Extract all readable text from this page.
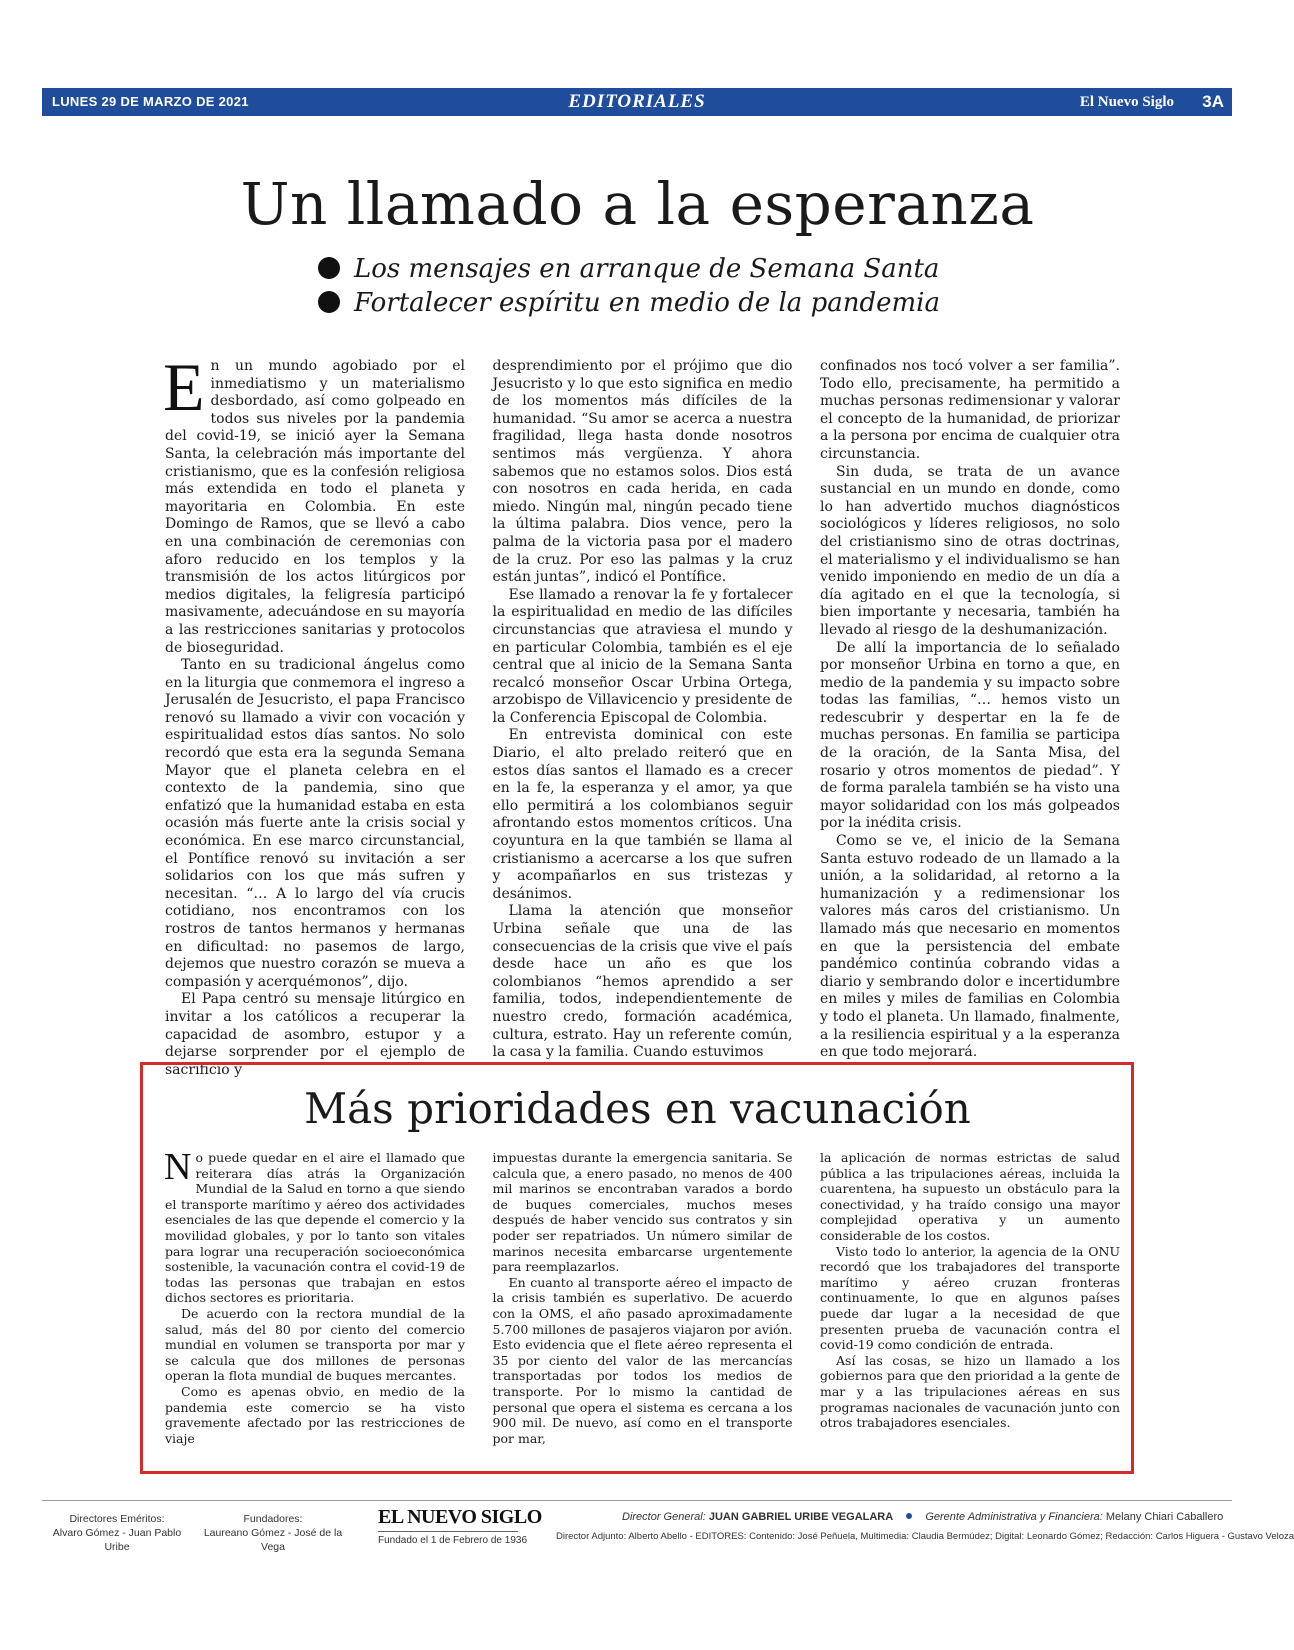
LUNES 29 DE MARZO DE 2021	EDITORIALES	El Nuevo Siglo 3A
Un llamado a la esperanza
Los mensajes en arranque de Semana Santa
Fortalecer espíritu en medio de la pandemia

En un mundo agobiado por el inmediatismo y un materialismo desbordado, así como golpeado en todos sus niveles por la pandemia del covid-19, se inició ayer la Semana Santa, la celebración más importante del cristianismo, que es la confesión religiosa más extendida en todo el planeta y mayoritaria en Colombia. En este Domingo de Ramos, que se llevó a cabo en una combinación de ceremonias con aforo reducido en los templos y la transmisión de los actos litúrgicos por medios digitales, la feligresía participó masivamente, adecuándose en su mayoría a las restricciones sanitarias y protocolos de bioseguridad.

Tanto en su tradicional ángelus como en la liturgia que conmemora el ingreso a Jerusalén de Jesucristo, el papa Francisco renovó su llamado a vivir con vocación y espiritualidad estos días santos. No solo recordó que esta era la segunda Semana Mayor que el planeta celebra en el contexto de la pandemia, sino que enfatizó que la humanidad estaba en esta ocasión más fuerte ante la crisis social y económica. En ese marco circunstancial, el Pontífice renovó su invitación a ser solidarios con los que más sufren y necesitan. “… A lo largo del vía crucis cotidiano, nos encontramos con los rostros de tantos hermanos y hermanas en dificultad: no pasemos de largo, dejemos que nuestro corazón se mueva a compasión y acerquémonos”, dijo.

El Papa centró su mensaje litúrgico en invitar a los católicos a recuperar la capacidad de asombro, estupor y a dejarse sorprender por el ejemplo de sacrificio y

desprendimiento por el prójimo que dio Jesucristo y lo que esto significa en medio de los momentos más difíciles de la humanidad. “Su amor se acerca a nuestra fragilidad, llega hasta donde nosotros sentimos más vergüenza. Y ahora sabemos que no estamos solos. Dios está con nosotros en cada herida, en cada miedo. Ningún mal, ningún pecado tiene la última palabra. Dios vence, pero la palma de la victoria pasa por el madero de la cruz. Por eso las palmas y la cruz están juntas”, indicó el Pontífice.

Ese llamado a renovar la fe y fortalecer la espiritualidad en medio de las difíciles circunstancias que atraviesa el mundo y en particular Colombia, también es el eje central que al inicio de la Semana Santa recalcó monseñor Oscar Urbina Ortega, arzobispo de Villavicencio y presidente de la Conferencia Episcopal de Colombia.

En entrevista dominical con este Diario, el alto prelado reiteró que en estos días santos el llamado es a crecer en la fe, la esperanza y el amor, ya que ello permitirá a los colombianos seguir afrontando estos momentos críticos. Una coyuntura en la que también se llama al cristianismo a acercarse a los que sufren y acompañarlos en sus tristezas y desánimos.

Llama la atención que monseñor Urbina señale que una de las consecuencias de la crisis que vive el país desde hace un año es que los colombianos “hemos aprendido a ser familia, todos, independientemente de nuestro credo, formación académica, cultura, estrato. Hay un referente común, la casa y la familia. Cuando estuvimos

confinados nos tocó volver a ser familia”. Todo ello, precisamente, ha permitido a muchas personas redimensionar y valorar el concepto de la humanidad, de priorizar a la persona por encima de cualquier otra circunstancia.

Sin duda, se trata de un avance sustancial en un mundo en donde, como lo han advertido muchos diagnósticos sociológicos y líderes religiosos, no solo del cristianismo sino de otras doctrinas, el materialismo y el individualismo se han venido imponiendo en medio de un día a día agitado en el que la tecnología, si bien importante y necesaria, también ha llevado al riesgo de la deshumanización.

De allí la importancia de lo señalado por monseñor Urbina en torno a que, en medio de la pandemia y su impacto sobre todas las familias, “… hemos visto un redescubrir y despertar en la fe de muchas personas. En familia se participa de la oración, de la Santa Misa, del rosario y otros momentos de piedad”. Y de forma paralela también se ha visto una mayor solidaridad con los más golpeados por la inédita crisis.

Como se ve, el inicio de la Semana Santa estuvo rodeado de un llamado a la unión, a la solidaridad, al retorno a la humanización y a redimensionar los valores más caros del cristianismo. Un llamado más que necesario en momentos en que la persistencia del embate pandémico continúa cobrando vidas a diario y sembrando dolor e incertidumbre en miles y miles de familias en Colombia y todo el planeta. Un llamado, finalmente, a la resiliencia espiritual y a la esperanza en que todo mejorará.

Más prioridades en vacunación

No puede quedar en el aire el llamado que reiterara días atrás la Organización Mundial de la Salud en torno a que siendo el transporte marítimo y aéreo dos actividades esenciales de las que depende el comercio y la movilidad globales, y por lo tanto son vitales para lograr una recuperación socioeconómica sostenible, la vacunación contra el covid-19 de todas las personas que trabajan en estos dichos sectores es prioritaria.

De acuerdo con la rectora mundial de la salud, más del 80 por ciento del comercio mundial en volumen se transporta por mar y se calcula que dos millones de personas operan la flota mundial de buques mercantes.

Como es apenas obvio, en medio de la pandemia este comercio se ha visto gravemente afectado por las restricciones de viaje

impuestas durante la emergencia sanitaria. Se calcula que, a enero pasado, no menos de 400 mil marinos se encontraban varados a bordo de buques comerciales, muchos meses después de haber vencido sus contratos y sin poder ser repatriados. Un número similar de marinos necesita embarcarse urgentemente para reemplazarlos.

En cuanto al transporte aéreo el impacto de la crisis también es superlativo. De acuerdo con la OMS, el año pasado aproximadamente 5.700 millones de pasajeros viajaron por avión. Esto evidencia que el flete aéreo representa el 35 por ciento del valor de las mercancías transportadas por todos los medios de transporte. Por lo mismo la cantidad de personal que opera el sistema es cercana a los 900 mil. De nuevo, así como en el transporte por mar,

la aplicación de normas estrictas de salud pública a las tripulaciones aéreas, incluida la cuarentena, ha supuesto un obstáculo para la conectividad, y ha traído consigo una mayor complejidad operativa y un aumento considerable de los costos.

Visto todo lo anterior, la agencia de la ONU recordó que los trabajadores del transporte marítimo y aéreo cruzan fronteras continuamente, lo que en algunos países puede dar lugar a la necesidad de que presenten prueba de vacunación contra el covid-19 como condición de entrada.

Así las cosas, se hizo un llamado a los gobiernos para que den prioridad a la gente de mar y a las tripulaciones aéreas en sus programas nacionales de vacunación junto con otros trabajadores esenciales.

Directores Eméritos:
Alvaro Gómez - Juan Pablo Uribe
Fundadores:
Laureano Gómez - José de la Vega
EL NUEVO SIGLO
Fundado el 1 de Febrero de 1936
Director General: JUAN GABRIEL URIBE VEGALARA	Gerente Administrativa y Financiera: Melany Chiari Caballero
Director Adjunto: Alberto Abello - EDITORES: Contenido: José Peñuela, Multimedia: Claudia Bermúdez; Digital: Leonardo Gómez; Redacción: Carlos Higuera - Gustavo Veloza
